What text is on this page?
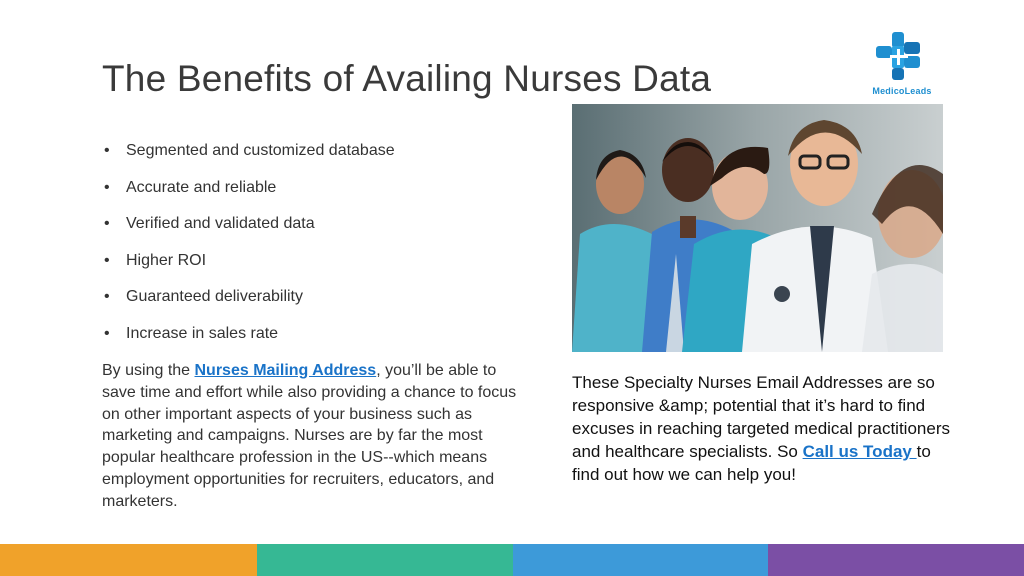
The Benefits of Availing Nurses Data	MedicoLeads
• Segmented and customized database
• Accurate and reliable
• Verified and validated data
• Higher ROI
• Guaranteed deliverability
• Increase in sales rate
By using the Nurses Mailing Address, you’ll be able to save time and effort while also providing a chance to focus on other important aspects of your business such as marketing and campaigns. Nurses are by far the most popular healthcare profession in the US--which means employment opportunities for recruiters, educators, and marketers.
These Specialty Nurses Email Addresses are so responsive &amp; potential that it’s hard to find excuses in reaching targeted medical practitioners and healthcare specialists. So Call us Today to find out how we can help you!
